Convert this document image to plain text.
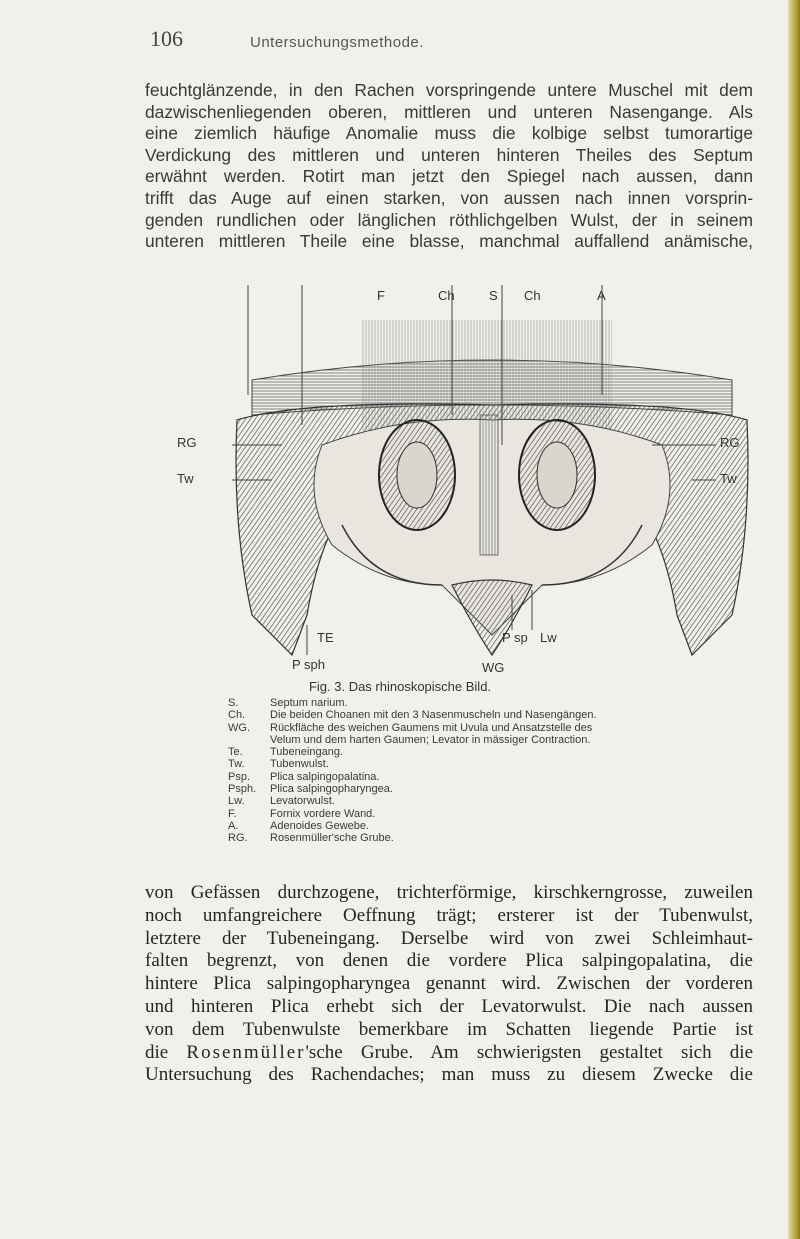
106	Untersuchungsmethode.
feuchtglänzende, in den Rachen vorspringende untere Muschel mit dem
dazwischenliegenden oberen, mittleren und unteren Nasengange. Als
eine ziemlich häufige Anomalie muss die kolbige selbst tumorartige
Verdickung des mittleren und unteren hinteren Theiles des Septum
erwähnt werden. Rotirt man jetzt den Spiegel nach aussen, dann
trifft das Auge auf einen starken, von aussen nach innen vorsprin-
genden rundlichen oder länglichen röthlichgelben Wulst, der in seinem
unteren mittleren Theile eine blasse, manchmal auffallend anämische,
F	Ch	S Ch	A
RG
Tw
RG
Tw
TE	P sp Lw
P sph	WG
Fig. 3. Das rhinoskopische Bild.
S.	Septum narium.
Ch.	Die beiden Choanen mit den 3 Nasenmuscheln und Nasengängen.
WG.	Rückfläche des weichen Gaumens mit Uvula und Ansatzstelle des
Velum und dem harten Gaumen; Levator in mässiger Contraction.
Te.	Tubeneingang.
Tw.	Tubenwulst.
Psp.	Plica salpingopalatina.
Psph.	Plica salpingopharyngea.
Lw.	Levatorwulst.
F.	Fornix vordere Wand.
A.	Adenoides Gewebe.
RG.	Rosenmüller'sche Grube.
von Gefässen durchzogene, trichterförmige, kirschkerngrosse, zuweilen
noch umfangreichere Oeffnung trägt; ersterer ist der Tubenwulst,
letztere der Tubeneingang. Derselbe wird von zwei Schleimhaut-
falten begrenzt, von denen die vordere Plica salpingopalatina, die
hintere Plica salpingopharyngea genannt wird. Zwischen der vorderen
und hinteren Plica erhebt sich der Levatorwulst. Die nach aussen
von dem Tubenwulste bemerkbare im Schatten liegende Partie ist
die Rosenmüller'sche Grube. Am schwierigsten gestaltet sich die
Untersuchung des Rachendaches; man muss zu diesem Zwecke die
